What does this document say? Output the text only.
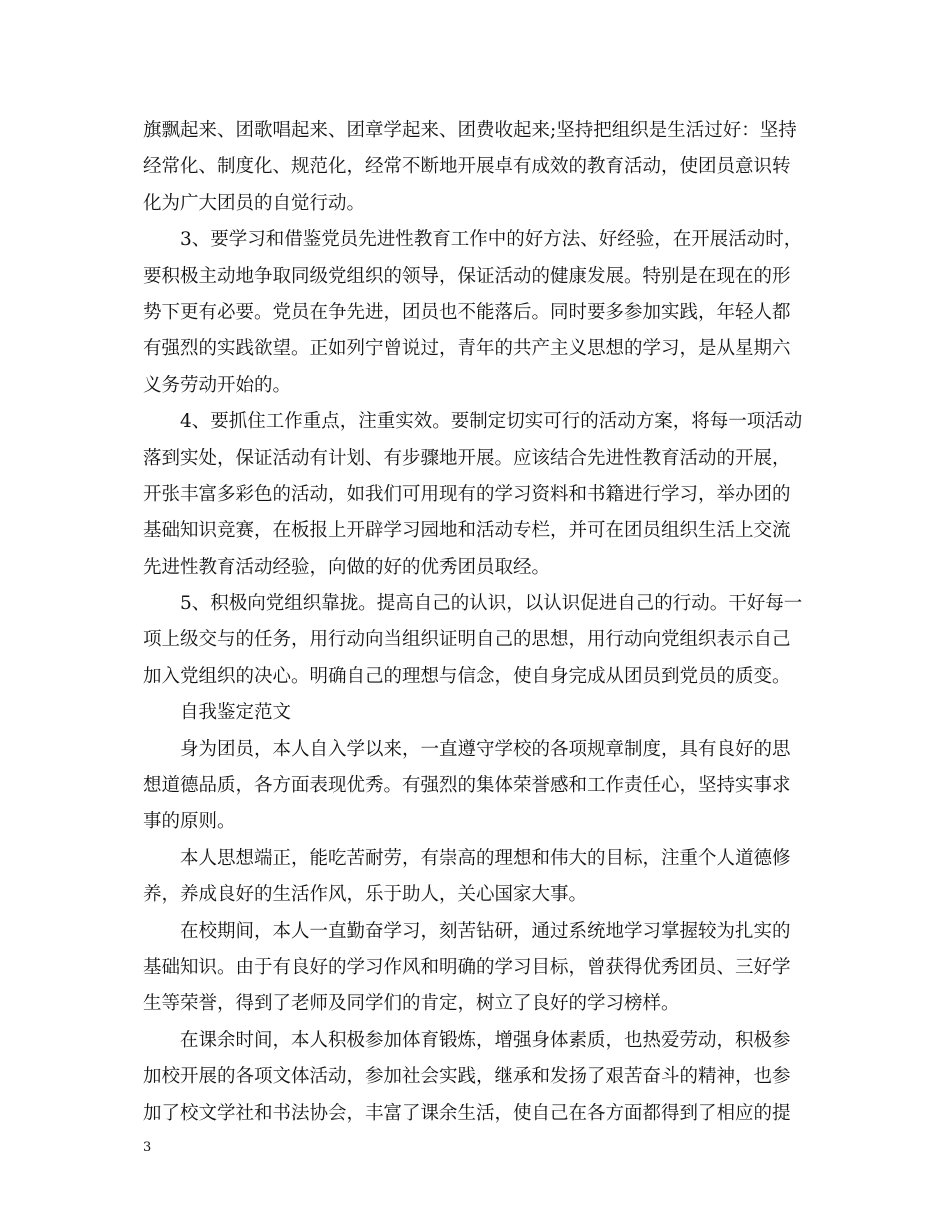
旗飘起来、团歌唱起来、团章学起来、团费收起来;坚持把组织是生活过好：坚持
经常化、制度化、规范化，经常不断地开展卓有成效的教育活动，使团员意识转
化为广大团员的自觉行动。
3、要学习和借鉴党员先进性教育工作中的好方法、好经验，在开展活动时，
要积极主动地争取同级党组织的领导，保证活动的健康发展。特别是在现在的形
势下更有必要。党员在争先进，团员也不能落后。同时要多参加实践，年轻人都
有强烈的实践欲望。正如列宁曾说过，青年的共产主义思想的学习，是从星期六
义务劳动开始的。
4、要抓住工作重点，注重实效。要制定切实可行的活动方案，将每一项活动
落到实处，保证活动有计划、有步骤地开展。应该结合先进性教育活动的开展，
开张丰富多彩色的活动，如我们可用现有的学习资料和书籍进行学习，举办团的
基础知识竞赛，在板报上开辟学习园地和活动专栏，并可在团员组织生活上交流
先进性教育活动经验，向做的好的优秀团员取经。
5、积极向党组织靠拢。提高自己的认识，以认识促进自己的行动。干好每一
项上级交与的任务，用行动向当组织证明自己的思想，用行动向党组织表示自己
加入党组织的决心。明确自己的理想与信念，使自身完成从团员到党员的质变。
自我鉴定范文
身为团员，本人自入学以来，一直遵守学校的各项规章制度，具有良好的思
想道德品质，各方面表现优秀。有强烈的集体荣誉感和工作责任心，坚持实事求
事的原则。
本人思想端正，能吃苦耐劳，有崇高的理想和伟大的目标，注重个人道德修
养，养成良好的生活作风，乐于助人，关心国家大事。
在校期间，本人一直勤奋学习，刻苦钻研，通过系统地学习掌握较为扎实的
基础知识。由于有良好的学习作风和明确的学习目标，曾获得优秀团员、三好学
生等荣誉，得到了老师及同学们的肯定，树立了良好的学习榜样。
在课余时间，本人积极参加体育锻炼，增强身体素质，也热爱劳动，积极参
加校开展的各项文体活动，参加社会实践，继承和发扬了艰苦奋斗的精神，也参
加了校文学社和书法协会，丰富了课余生活，使自己在各方面都得到了相应的提
3
